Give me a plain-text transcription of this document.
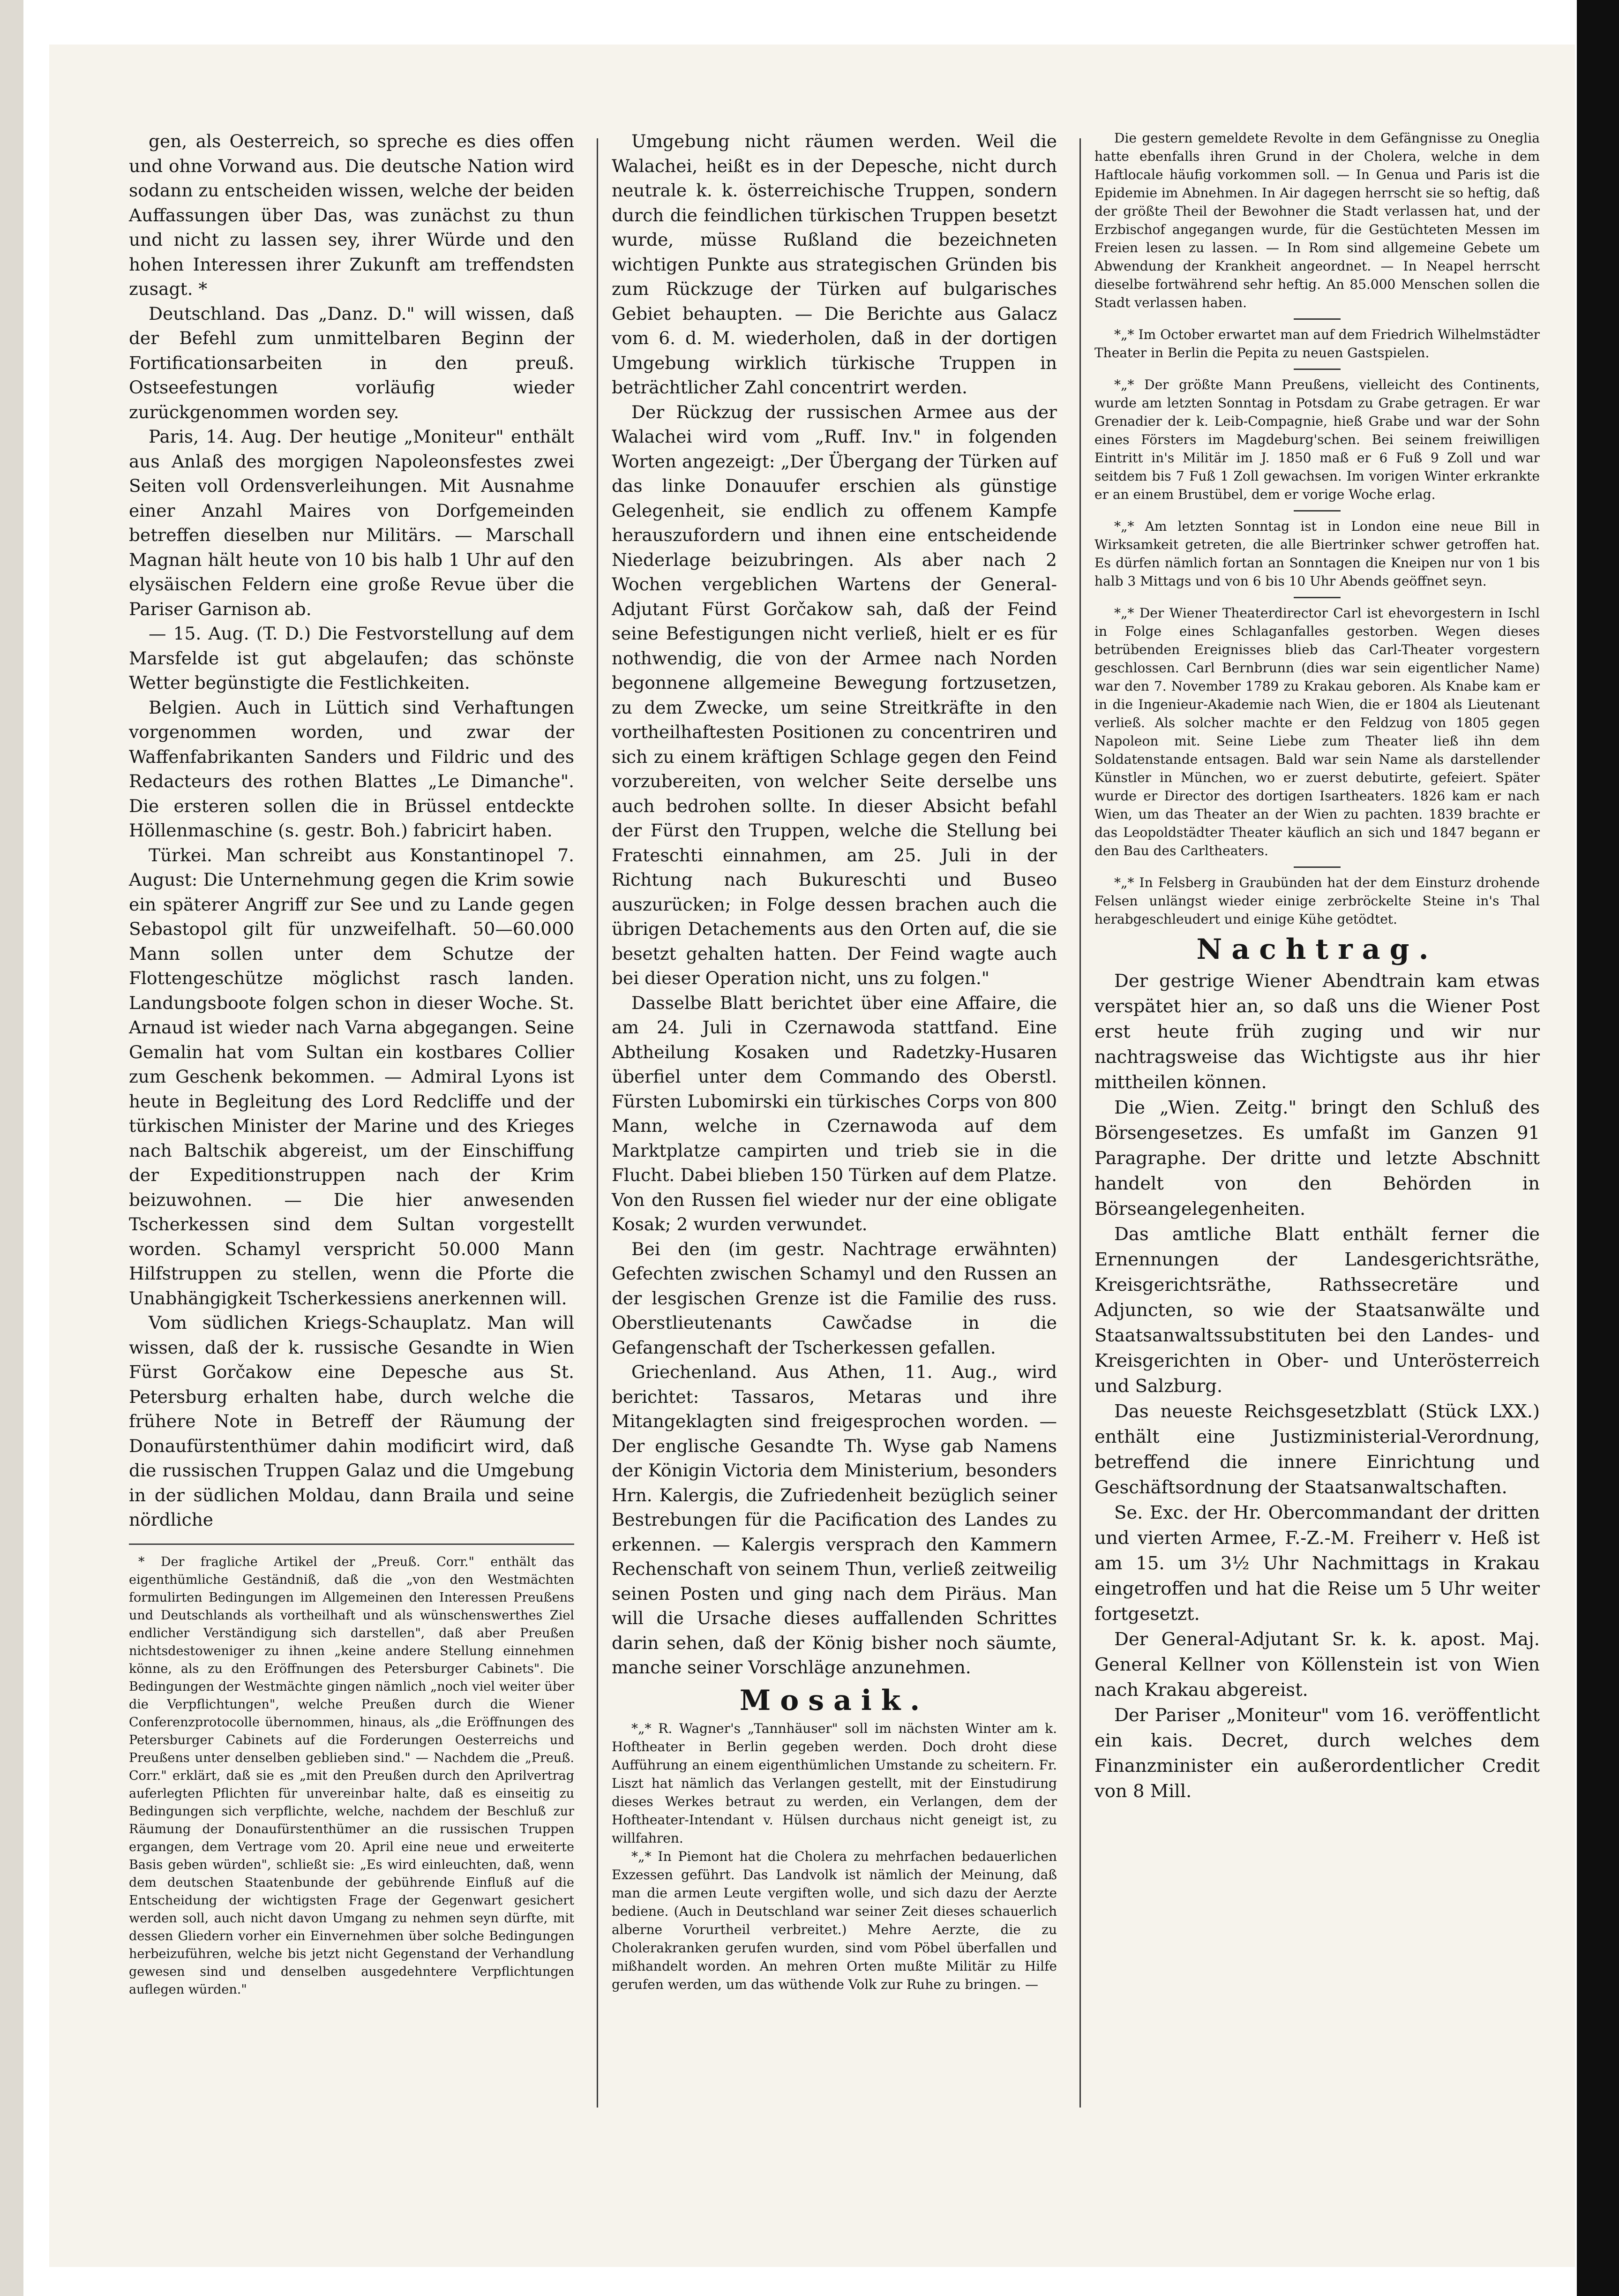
gen, als Oesterreich, so spreche es dies offen und ohne Vorwand aus. Die deutsche Nation wird sodann zu entscheiden wissen, welche der beiden Auffassungen über Das, was zunächst zu thun und nicht zu lassen sey, ihrer Würde und den hohen Interessen ihrer Zukunft am treffendsten zusagt. *

Deutschland. Das „Danz. D." will wissen, daß der Befehl zum unmittelbaren Beginn der Fortificationsarbeiten in den preuß. Ostseefestungen vorläufig wieder zurückgenommen worden sey.

Paris, 14. Aug. Der heutige „Moniteur" enthält aus Anlaß des morgigen Napoleonsfestes zwei Seiten voll Ordensverleihungen. Mit Ausnahme einer Anzahl Maires von Dorfgemeinden betreffen dieselben nur Militärs. — Marschall Magnan hält heute von 10 bis halb 1 Uhr auf den elysäischen Feldern eine große Revue über die Pariser Garnison ab.

— 15. Aug. (T. D.) Die Festvorstellung auf dem Marsfelde ist gut abgelaufen; das schönste Wetter begünstigte die Festlichkeiten.

Belgien. Auch in Lüttich sind Verhaftungen vorgenommen worden, und zwar der Waffenfabrikanten Sanders und Fildric und des Redacteurs des rothen Blattes „Le Dimanche". Die ersteren sollen die in Brüssel entdeckte Höllenmaschine (s. gestr. Boh.) fabricirt haben.

Türkei. Man schreibt aus Konstantinopel 7. August: Die Unternehmung gegen die Krim sowie ein späterer Angriff zur See und zu Lande gegen Sebastopol gilt für unzweifelhaft. 50—60.000 Mann sollen unter dem Schutze der Flottengeschütze möglichst rasch landen. Landungsboote folgen schon in dieser Woche. St. Arnaud ist wieder nach Varna abgegangen. Seine Gemalin hat vom Sultan ein kostbares Collier zum Geschenk bekommen. — Admiral Lyons ist heute in Begleitung des Lord Redcliffe und der türkischen Minister der Marine und des Krieges nach Baltschik abgereist, um der Einschiffung der Expeditionstruppen nach der Krim beizuwohnen. — Die hier anwesenden Tscherkessen sind dem Sultan vorgestellt worden. Schamyl verspricht 50.000 Mann Hilfstruppen zu stellen, wenn die Pforte die Unabhängigkeit Tscherkessiens anerkennen will.

Vom südlichen Kriegs-Schauplatz. Man will wissen, daß der k. russische Gesandte in Wien Fürst Gorčakow eine Depesche aus St. Petersburg erhalten habe, durch welche die frühere Note in Betreff der Räumung der Donaufürstenthümer dahin modificirt wird, daß die russischen Truppen Galaz und die Umgebung in der südlichen Moldau, dann Braila und seine nördliche

* Der fragliche Artikel der „Preuß. Corr." enthält das eigenthümliche Geständniß, daß die „von den Westmächten formulirten Bedingungen im Allgemeinen den Interessen Preußens und Deutschlands als vortheilhaft und als wünschenswerthes Ziel endlicher Verständigung sich darstellen", daß aber Preußen nichtsdestoweniger zu ihnen „keine andere Stellung einnehmen könne, als zu den Eröffnungen des Petersburger Cabinets". Die Bedingungen der Westmächte gingen nämlich „noch viel weiter über die Verpflichtungen", welche Preußen durch die Wiener Conferenzprotocolle übernommen, hinaus, als „die Eröffnungen des Petersburger Cabinets auf die Forderungen Oesterreichs und Preußens unter denselben geblieben sind." — Nachdem die „Preuß. Corr." erklärt, daß sie es „mit den Preußen durch den Aprilvertrag auferlegten Pflichten für unvereinbar halte, daß es einseitig zu Bedingungen sich verpflichte, welche, nachdem der Beschluß zur Räumung der Donaufürstenthümer an die russischen Truppen ergangen, dem Vertrage vom 20. April eine neue und erweiterte Basis geben würden", schließt sie: „Es wird einleuchten, daß, wenn dem deutschen Staatenbunde der gebührende Einfluß auf die Entscheidung der wichtigsten Frage der Gegenwart gesichert werden soll, auch nicht davon Umgang zu nehmen seyn dürfte, mit dessen Gliedern vorher ein Einvernehmen über solche Bedingungen herbeizuführen, welche bis jetzt nicht Gegenstand der Verhandlung gewesen sind und denselben ausgedehntere Verpflichtungen auflegen würden."

Umgebung nicht räumen werden. Weil die Walachei, heißt es in der Depesche, nicht durch neutrale k. k. österreichische Truppen, sondern durch die feindlichen türkischen Truppen besetzt wurde, müsse Rußland die bezeichneten wichtigen Punkte aus strategischen Gründen bis zum Rückzuge der Türken auf bulgarisches Gebiet behaupten. — Die Berichte aus Galacz vom 6. d. M. wiederholen, daß in der dortigen Umgebung wirklich türkische Truppen in beträchtlicher Zahl concentrirt werden.

Der Rückzug der russischen Armee aus der Walachei wird vom „Ruff. Inv." in folgenden Worten angezeigt: „Der Übergang der Türken auf das linke Donauufer erschien als günstige Gelegenheit, sie endlich zu offenem Kampfe herauszufordern und ihnen eine entscheidende Niederlage beizubringen. Als aber nach 2 Wochen vergeblichen Wartens der General-Adjutant Fürst Gorčakow sah, daß der Feind seine Befestigungen nicht verließ, hielt er es für nothwendig, die von der Armee nach Norden begonnene allgemeine Bewegung fortzusetzen, zu dem Zwecke, um seine Streitkräfte in den vortheilhaftesten Positionen zu concentriren und sich zu einem kräftigen Schlage gegen den Feind vorzubereiten, von welcher Seite derselbe uns auch bedrohen sollte. In dieser Absicht befahl der Fürst den Truppen, welche die Stellung bei Frateschti einnahmen, am 25. Juli in der Richtung nach Bukureschti und Buseo auszurücken; in Folge dessen brachen auch die übrigen Detachements aus den Orten auf, die sie besetzt gehalten hatten. Der Feind wagte auch bei dieser Operation nicht, uns zu folgen."

Dasselbe Blatt berichtet über eine Affaire, die am 24. Juli in Czernawoda stattfand. Eine Abtheilung Kosaken und Radetzky-Husaren überfiel unter dem Commando des Oberstl. Fürsten Lubomirski ein türkisches Corps von 800 Mann, welche in Czernawoda auf dem Marktplatze campirten und trieb sie in die Flucht. Dabei blieben 150 Türken auf dem Platze. Von den Russen fiel wieder nur der eine obligate Kosak; 2 wurden verwundet.

Bei den (im gestr. Nachtrage erwähnten) Gefechten zwischen Schamyl und den Russen an der lesgischen Grenze ist die Familie des russ. Oberstlieutenants Cawčadse in die Gefangenschaft der Tscherkessen gefallen.

Griechenland. Aus Athen, 11. Aug., wird berichtet: Tassaros, Metaras und ihre Mitangeklagten sind freigesprochen worden. — Der englische Gesandte Th. Wyse gab Namens der Königin Victoria dem Ministerium, besonders Hrn. Kalergis, die Zufriedenheit bezüglich seiner Bestrebungen für die Pacification des Landes zu erkennen. — Kalergis versprach den Kammern Rechenschaft von seinem Thun, verließ zeitweilig seinen Posten und ging nach dem Piräus. Man will die Ursache dieses auffallenden Schrittes darin sehen, daß der König bisher noch säumte, manche seiner Vorschläge anzunehmen.

Mosaik.

*„* R. Wagner's „Tannhäuser" soll im nächsten Winter am k. Hoftheater in Berlin gegeben werden. Doch droht diese Aufführung an einem eigenthümlichen Umstande zu scheitern. Fr. Liszt hat nämlich das Verlangen gestellt, mit der Einstudirung dieses Werkes betraut zu werden, ein Verlangen, dem der Hoftheater-Intendant v. Hülsen durchaus nicht geneigt ist, zu willfahren.

*„* In Piemont hat die Cholera zu mehrfachen bedauerlichen Exzessen geführt. Das Landvolk ist nämlich der Meinung, daß man die armen Leute vergiften wolle, und sich dazu der Aerzte bediene. (Auch in Deutschland war seiner Zeit dieses schauerlich alberne Vorurtheil verbreitet.) Mehre Aerzte, die zu Cholerakranken gerufen wurden, sind vom Pöbel überfallen und mißhandelt worden. An mehren Orten mußte Militär zu Hilfe gerufen werden, um das wüthende Volk zur Ruhe zu bringen. —

Die gestern gemeldete Revolte in dem Gefängnisse zu Oneglia hatte ebenfalls ihren Grund in der Cholera, welche in dem Haftlocale häufig vorkommen soll. — In Genua und Paris ist die Epidemie im Abnehmen. In Air dagegen herrscht sie so heftig, daß der größte Theil der Bewohner die Stadt verlassen hat, und der Erzbischof angegangen wurde, für die Gestüchteten Messen im Freien lesen zu lassen. — In Rom sind allgemeine Gebete um Abwendung der Krankheit angeordnet. — In Neapel herrscht dieselbe fortwährend sehr heftig. An 85.000 Menschen sollen die Stadt verlassen haben.

*„* Im October erwartet man auf dem Friedrich Wilhelmstädter Theater in Berlin die Pepita zu neuen Gastspielen.

*„* Der größte Mann Preußens, vielleicht des Continents, wurde am letzten Sonntag in Potsdam zu Grabe getragen. Er war Grenadier der k. Leib-Compagnie, hieß Grabe und war der Sohn eines Försters im Magdeburg'schen. Bei seinem freiwilligen Eintritt in's Militär im J. 1850 maß er 6 Fuß 9 Zoll und war seitdem bis 7 Fuß 1 Zoll gewachsen. Im vorigen Winter erkrankte er an einem Brustübel, dem er vorige Woche erlag.

*„* Am letzten Sonntag ist in London eine neue Bill in Wirksamkeit getreten, die alle Biertrinker schwer getroffen hat. Es dürfen nämlich fortan an Sonntagen die Kneipen nur von 1 bis halb 3 Mittags und von 6 bis 10 Uhr Abends geöffnet seyn.

*„* Der Wiener Theaterdirector Carl ist ehevorgestern in Ischl in Folge eines Schlaganfalles gestorben. Wegen dieses betrübenden Ereignisses blieb das Carl-Theater vorgestern geschlossen. Carl Bernbrunn (dies war sein eigentlicher Name) war den 7. November 1789 zu Krakau geboren. Als Knabe kam er in die Ingenieur-Akademie nach Wien, die er 1804 als Lieutenant verließ. Als solcher machte er den Feldzug von 1805 gegen Napoleon mit. Seine Liebe zum Theater ließ ihn dem Soldatenstande entsagen. Bald war sein Name als darstellender Künstler in München, wo er zuerst debutirte, gefeiert. Später wurde er Director des dortigen Isartheaters. 1826 kam er nach Wien, um das Theater an der Wien zu pachten. 1839 brachte er das Leopoldstädter Theater käuflich an sich und 1847 begann er den Bau des Carltheaters.

*„* In Felsberg in Graubünden hat der dem Einsturz drohende Felsen unlängst wieder einige zerbröckelte Steine in's Thal herabgeschleudert und einige Kühe getödtet.

Nachtrag.

Der gestrige Wiener Abendtrain kam etwas verspätet hier an, so daß uns die Wiener Post erst heute früh zuging und wir nur nachtragsweise das Wichtigste aus ihr hier mittheilen können.

Die „Wien. Zeitg." bringt den Schluß des Börsengesetzes. Es umfaßt im Ganzen 91 Paragraphe. Der dritte und letzte Abschnitt handelt von den Behörden in Börseangelegenheiten.

Das amtliche Blatt enthält ferner die Ernennungen der Landesgerichtsräthe, Kreisgerichtsräthe, Rathssecretäre und Adjuncten, so wie der Staatsanwälte und Staatsanwaltssubstituten bei den Landes- und Kreisgerichten in Ober- und Unterösterreich und Salzburg.

Das neueste Reichsgesetzblatt (Stück LXX.) enthält eine Justizministerial-Verordnung, betreffend die innere Einrichtung und Geschäftsordnung der Staatsanwaltschaften.

Se. Exc. der Hr. Obercommandant der dritten und vierten Armee, F.-Z.-M. Freiherr v. Heß ist am 15. um 3½ Uhr Nachmittags in Krakau eingetroffen und hat die Reise um 5 Uhr weiter fortgesetzt.

Der General-Adjutant Sr. k. k. apost. Maj. General Kellner von Köllenstein ist von Wien nach Krakau abgereist.

Der Pariser „Moniteur" vom 16. veröffentlicht ein kais. Decret, durch welches dem Finanzminister ein außerordentlicher Credit von 8 Mill.
